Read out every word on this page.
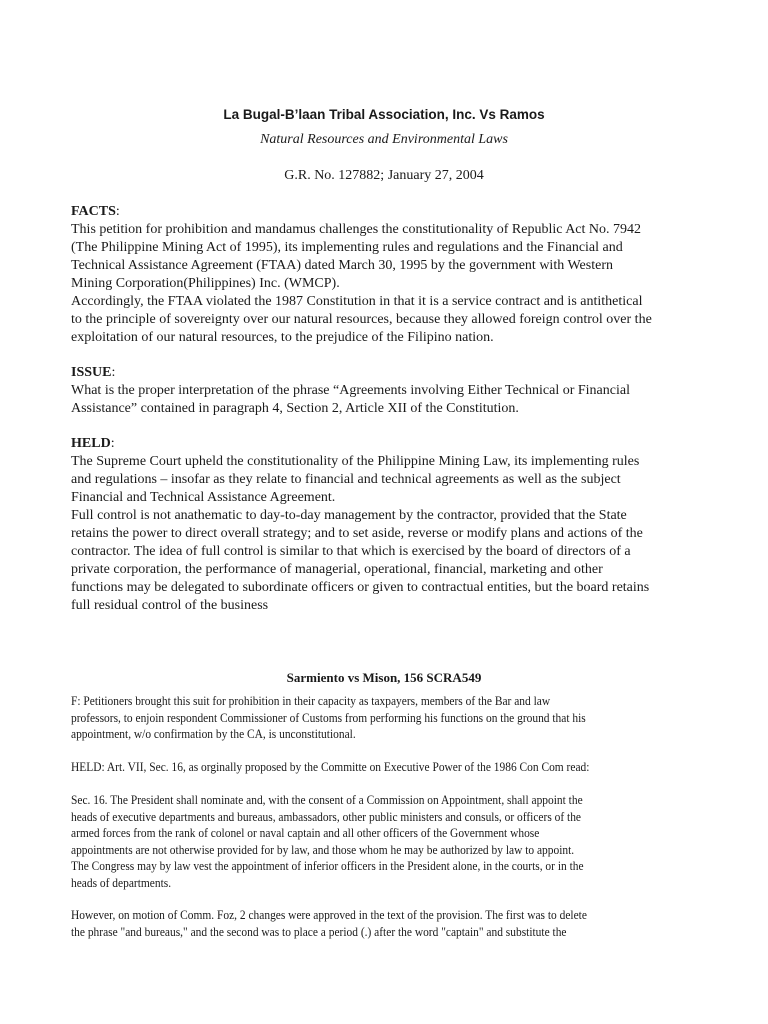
La Bugal-B’laan Tribal Association, Inc. Vs Ramos
Natural Resources and Environmental Laws
G.R. No. 127882; January 27, 2004

FACTS:

This petition for prohibition and mandamus challenges the constitutionality of Republic Act No. 7942

(The Philippine Mining Act of 1995), its implementing rules and regulations and the Financial and

Technical Assistance Agreement (FTAA) dated March 30, 1995 by the government with Western

Mining Corporation(Philippines) Inc. (WMCP).

Accordingly, the FTAA violated the 1987 Constitution in that it is a service contract and is antithetical

to the principle of sovereignty over our natural resources, because they allowed foreign control over the

exploitation of our natural resources, to the prejudice of the Filipino nation.

ISSUE:

What is the proper interpretation of the phrase “Agreements involving Either Technical or Financial

Assistance” contained in paragraph 4, Section 2, Article XII of the Constitution.

HELD:

The Supreme Court upheld the constitutionality of the Philippine Mining Law, its implementing rules

and regulations – insofar as they relate to financial and technical agreements as well as the subject

Financial and Technical Assistance Agreement.

Full control is not anathematic to day-to-day management by the contractor, provided that the State

retains the power to direct overall strategy; and to set aside, reverse or modify plans and actions of the

contractor. The idea of full control is similar to that which is exercised by the board of directors of a

private corporation, the performance of managerial, operational, financial, marketing and other

functions may be delegated to subordinate officers or given to contractual entities, but the board retains

full residual control of the business

Sarmiento vs Mison, 156 SCRA549

F: Petitioners brought this suit for prohibition in their capacity as taxpayers, members of the Bar and law

professors, to enjoin respondent Commissioner of Customs from performing his functions on the ground that his

appointment, w/o confirmation by the CA, is unconstitutional.

HELD: Art. VII, Sec. 16, as orginally proposed by the Committe on Executive Power of the 1986 Con Com read:

Sec. 16. The President shall nominate and, with the consent of a Commission on Appointment, shall appoint the

heads of executive departments and bureaus, ambassadors, other public ministers and consuls, or officers of the

armed forces from the rank of colonel or naval captain and all other officers of the Government whose

appointments are not otherwise provided for by law, and those whom he may be authorized by law to appoint.

The Congress may by law vest the appointment of inferior officers in the President alone, in the courts, or in the

heads of departments.

However, on motion of Comm. Foz, 2 changes were approved in the text of the provision. The first was to delete

the phrase "and bureaus," and the second was to place a period (.) after the word "captain" and substitute the
